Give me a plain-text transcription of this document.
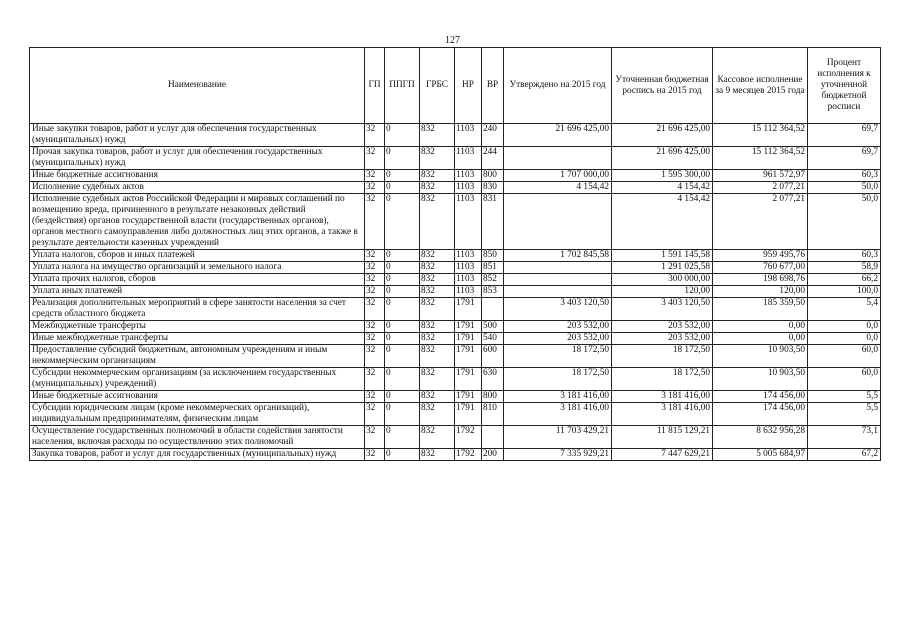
127
Наименование	ГП	ППГП	ГРБС	НР	ВР	Утверждено на 2015 год	Уточненная бюджетная роспись на 2015 год	Кассовое исполнение за 9 месяцев 2015 года	Процент исполнения к уточненной бюджетной росписи
Иные закупки товаров, работ и услуг для обеспечения государственных (муниципальных) нужд	32	0	832	1103	240	21 696 425,00	21 696 425,00	15 112 364,52	69,7
Прочая закупка товаров, работ и услуг для обеспечения государственных (муниципальных) нужд	32	0	832	1103	244		21 696 425,00	15 112 364,52	69,7
Иные бюджетные ассигнования	32	0	832	1103	800	1 707 000,00	1 595 300,00	961 572,97	60,3
Исполнение судебных актов	32	0	832	1103	830	4 154,42	4 154,42	2 077,21	50,0
Исполнение судебных актов Российской Федерации и мировых соглашений по возмещению вреда, причиненного в результате незаконных действий (бездействия) органов государственной власти (государственных органов), органов местного самоуправления либо должностных лиц этих органов, а также в результате деятельности казенных учреждений	32	0	832	1103	831		4 154,42	2 077,21	50,0
Уплата налогов, сборов и иных платежей	32	0	832	1103	850	1 702 845,58	1 591 145,58	959 495,76	60,3
Уплата налога на имущество организаций и земельного налога	32	0	832	1103	851		1 291 025,58	760 677,00	58,9
Уплата прочих налогов, сборов	32	0	832	1103	852		300 000,00	198 698,76	66,2
Уплата иных платежей	32	0	832	1103	853		120,00	120,00	100,0
Реализация дополнительных мероприятий в сфере занятости населения за счет средств областного бюджета	32	0	832	1791		3 403 120,50	3 403 120,50	185 359,50	5,4
Межбюджетные трансферты	32	0	832	1791	500	203 532,00	203 532,00	0,00	0,0
Иные межбюджетные трансферты	32	0	832	1791	540	203 532,00	203 532,00	0,00	0,0
Предоставление субсидий бюджетным, автономным учреждениям и иным некоммерческим организациям	32	0	832	1791	600	18 172,50	18 172,50	10 903,50	60,0
Субсидии некоммерческим организациям (за исключением государственных (муниципальных) учреждений)	32	0	832	1791	630	18 172,50	18 172,50	10 903,50	60,0
Иные бюджетные ассигнования	32	0	832	1791	800	3 181 416,00	3 181 416,00	174 456,00	5,5
Субсидии юридическим лицам (кроме некоммерческих организаций), индивидуальным предпринимателям, физическим лицам	32	0	832	1791	810	3 181 416,00	3 181 416,00	174 456,00	5,5
Осуществление государственных полномочий в области содействия занятости населения, включая расходы по осуществлению этих полномочий	32	0	832	1792		11 703 429,21	11 815 129,21	8 632 956,28	73,1
Закупка товаров, работ и услуг для государственных (муниципальных) нужд	32	0	832	1792	200	7 335 929,21	7 447 629,21	5 005 684,97	67,2
